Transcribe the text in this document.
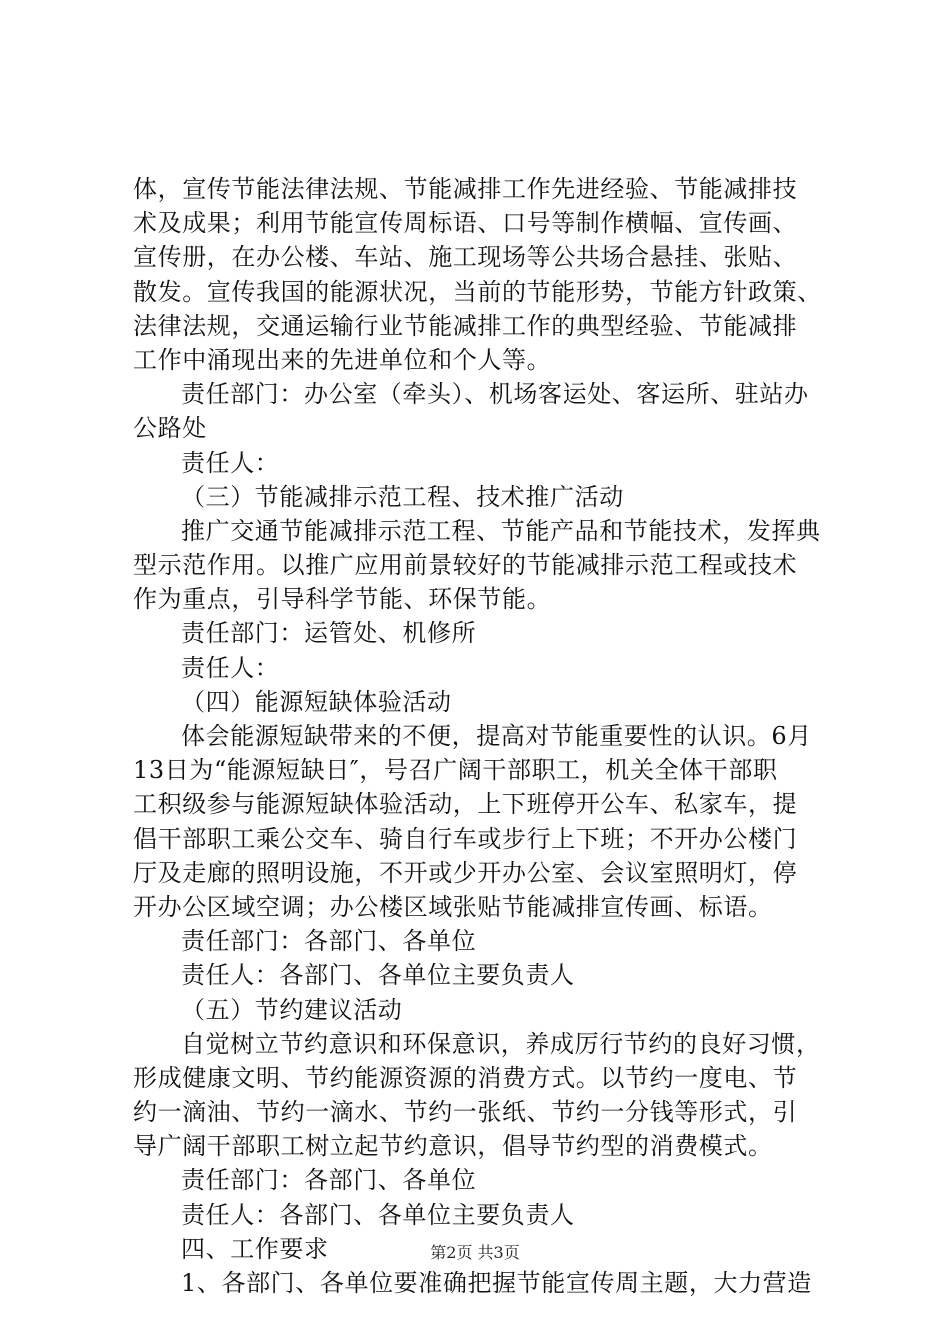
体，宣传节能法律法规、节能减排工作先进经验、节能减排技
术及成果；利用节能宣传周标语、口号等制作横幅、宣传画、
宣传册，在办公楼、车站、施工现场等公共场合悬挂、张贴、
散发。宣传我国的能源状况，当前的节能形势，节能方针政策、
法律法规，交通运输行业节能减排工作的典型经验、节能减排
工作中涌现出来的先进单位和个人等。
责任部门：办公室（牵头）、机场客运处、客运所、驻站办
公路处
责任人：
（三）节能减排示范工程、技术推广活动
推广交通节能减排示范工程、节能产品和节能技术，发挥典
型示范作用。以推广应用前景较好的节能减排示范工程或技术
作为重点，引导科学节能、环保节能。
责任部门：运管处、机修所
责任人：
（四）能源短缺体验活动
体会能源短缺带来的不便，提高对节能重要性的认识。6月
13日为“能源短缺日″，号召广阔干部职工，机关全体干部职
工积级参与能源短缺体验活动，上下班停开公车、私家车，提
倡干部职工乘公交车、骑自行车或步行上下班；不开办公楼门
厅及走廊的照明设施，不开或少开办公室、会议室照明灯，停
开办公区域空调；办公楼区域张贴节能减排宣传画、标语。
责任部门：各部门、各单位
责任人：各部门、各单位主要负责人
（五）节约建议活动
自觉树立节约意识和环保意识，养成厉行节约的良好习惯，
形成健康文明、节约能源资源的消费方式。以节约一度电、节
约一滴油、节约一滴水、节约一张纸、节约一分钱等形式，引
导广阔干部职工树立起节约意识，倡导节约型的消费模式。
责任部门：各部门、各单位
责任人：各部门、各单位主要负责人
四、工作要求
1、各部门、各单位要准确把握节能宣传周主题，大力营造
第2页 共3页
